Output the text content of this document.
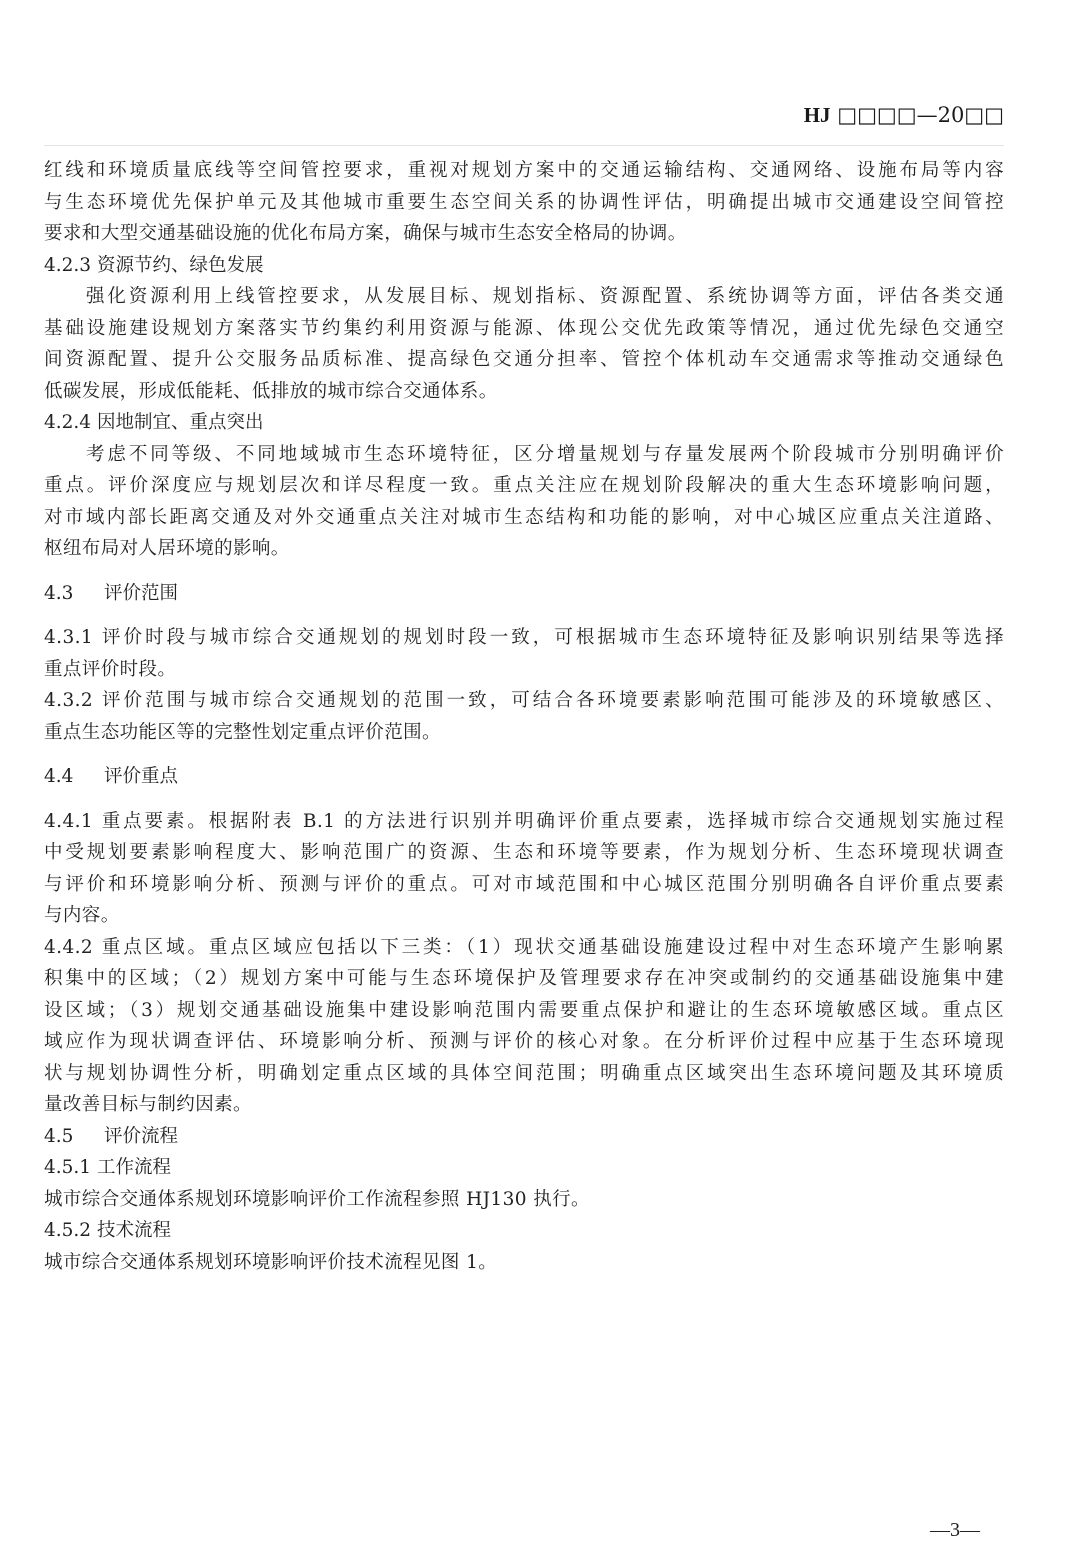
HJ □□□□—20□□
红线和环境质量底线等空间管控要求，重视对规划方案中的交通运输结构、交通网络、设施布局等内容
与生态环境优先保护单元及其他城市重要生态空间关系的协调性评估，明确提出城市交通建设空间管控
要求和大型交通基础设施的优化布局方案，确保与城市生态安全格局的协调。
4.2.3 资源节约、绿色发展
强化资源利用上线管控要求，从发展目标、规划指标、资源配置、系统协调等方面，评估各类交通
基础设施建设规划方案落实节约集约利用资源与能源、体现公交优先政策等情况，通过优先绿色交通空
间资源配置、提升公交服务品质标准、提高绿色交通分担率、管控个体机动车交通需求等推动交通绿色
低碳发展，形成低能耗、低排放的城市综合交通体系。
4.2.4 因地制宜、重点突出
考虑不同等级、不同地域城市生态环境特征，区分增量规划与存量发展两个阶段城市分别明确评价
重点。评价深度应与规划层次和详尽程度一致。重点关注应在规划阶段解决的重大生态环境影响问题，
对市域内部长距离交通及对外交通重点关注对城市生态结构和功能的影响，对中心城区应重点关注道路、
枢纽布局对人居环境的影响。
4.3 评价范围
4.3.1 评价时段与城市综合交通规划的规划时段一致，可根据城市生态环境特征及影响识别结果等选择
重点评价时段。
4.3.2 评价范围与城市综合交通规划的范围一致，可结合各环境要素影响范围可能涉及的环境敏感区、
重点生态功能区等的完整性划定重点评价范围。
4.4 评价重点
4.4.1 重点要素。根据附表 B.1 的方法进行识别并明确评价重点要素，选择城市综合交通规划实施过程
中受规划要素影响程度大、影响范围广的资源、生态和环境等要素，作为规划分析、生态环境现状调查
与评价和环境影响分析、预测与评价的重点。可对市域范围和中心城区范围分别明确各自评价重点要素
与内容。
4.4.2 重点区域。重点区域应包括以下三类：（1）现状交通基础设施建设过程中对生态环境产生影响累
积集中的区域；（2）规划方案中可能与生态环境保护及管理要求存在冲突或制约的交通基础设施集中建
设区域；（3）规划交通基础设施集中建设影响范围内需要重点保护和避让的生态环境敏感区域。重点区
域应作为现状调查评估、环境影响分析、预测与评价的核心对象。在分析评价过程中应基于生态环境现
状与规划协调性分析，明确划定重点区域的具体空间范围；明确重点区域突出生态环境问题及其环境质
量改善目标与制约因素。
4.5 评价流程
4.5.1 工作流程
城市综合交通体系规划环境影响评价工作流程参照 HJ130 执行。
4.5.2 技术流程
城市综合交通体系规划环境影响评价技术流程见图 1。
—3—
